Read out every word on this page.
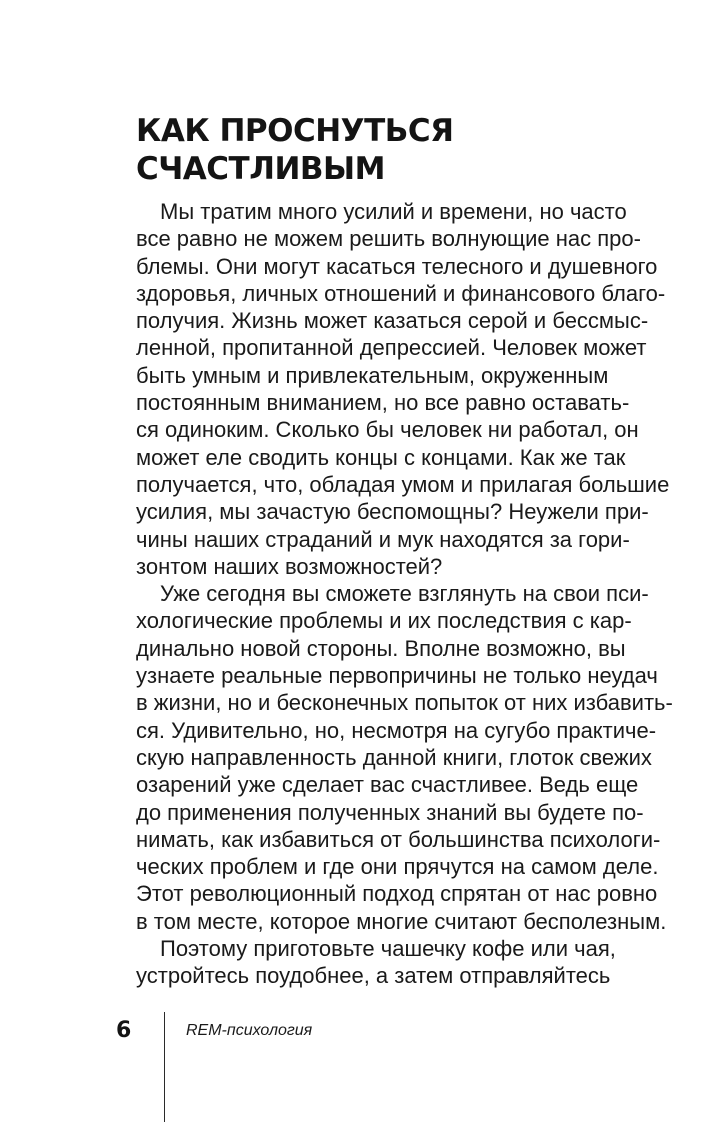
КАК ПРОСНУТЬСЯ
СЧАСТЛИВЫМ
Мы тратим много усилий и времени, но часто
все равно не можем решить волнующие нас про-
блемы. Они могут касаться телесного и душевного
здоровья, личных отношений и финансового благо-
получия. Жизнь может казаться серой и бессмыс-
ленной, пропитанной депрессией. Человек может
быть умным и привлекательным, окруженным
постоянным вниманием, но все равно оставать-
ся одиноким. Сколько бы человек ни работал, он
может еле сводить концы с концами. Как же так
получается, что, обладая умом и прилагая большие
усилия, мы зачастую беспомощны? Неужели при-
чины наших страданий и мук находятся за гори-
зонтом наших возможностей?
Уже сегодня вы сможете взглянуть на свои пси-
хологические проблемы и их последствия с кар-
динально новой стороны. Вполне возможно, вы
узнаете реальные первопричины не только неудач
в жизни, но и бесконечных попыток от них избавить-
ся. Удивительно, но, несмотря на сугубо практиче-
скую направленность данной книги, глоток свежих
озарений уже сделает вас счастливее. Ведь еще
до применения полученных знаний вы будете по-
нимать, как избавиться от большинства психологи-
ческих проблем и где они прячутся на самом деле.
Этот революционный подход спрятан от нас ровно
в том месте, которое многие считают бесполезным.
Поэтому приготовьте чашечку кофе или чая,
устройтесь поудобнее, а затем отправляйтесь
6	REM-психология
